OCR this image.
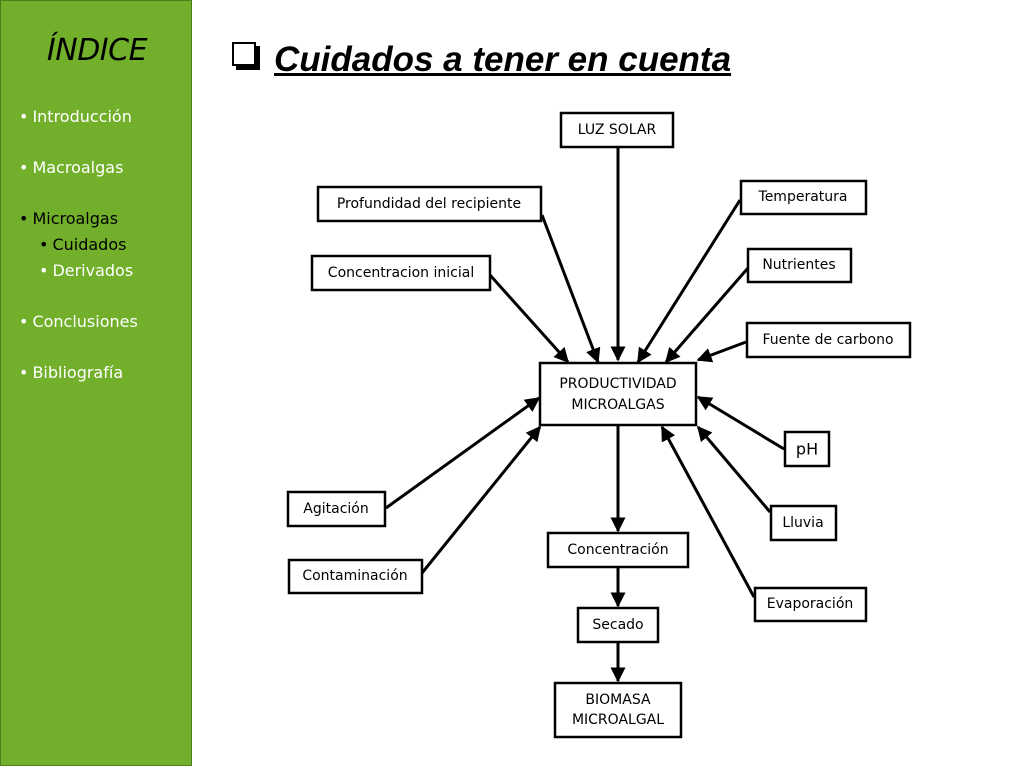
ÍNDICE
• Introducción
• Macroalgas
• Microalgas
• Cuidados
• Derivados
• Conclusiones
• Bibliografía
Cuidados a tener en cuenta
LUZ SOLAR
Profundidad del recipiente
Concentracion inicial
Temperatura
Nutrientes
Fuente de carbono
PRODUCTIVIDAD
MICROALGAS
pH
Agitación
Lluvia
Contaminación
Evaporación
Concentración
Secado
BIOMASA
MICROALGAL
